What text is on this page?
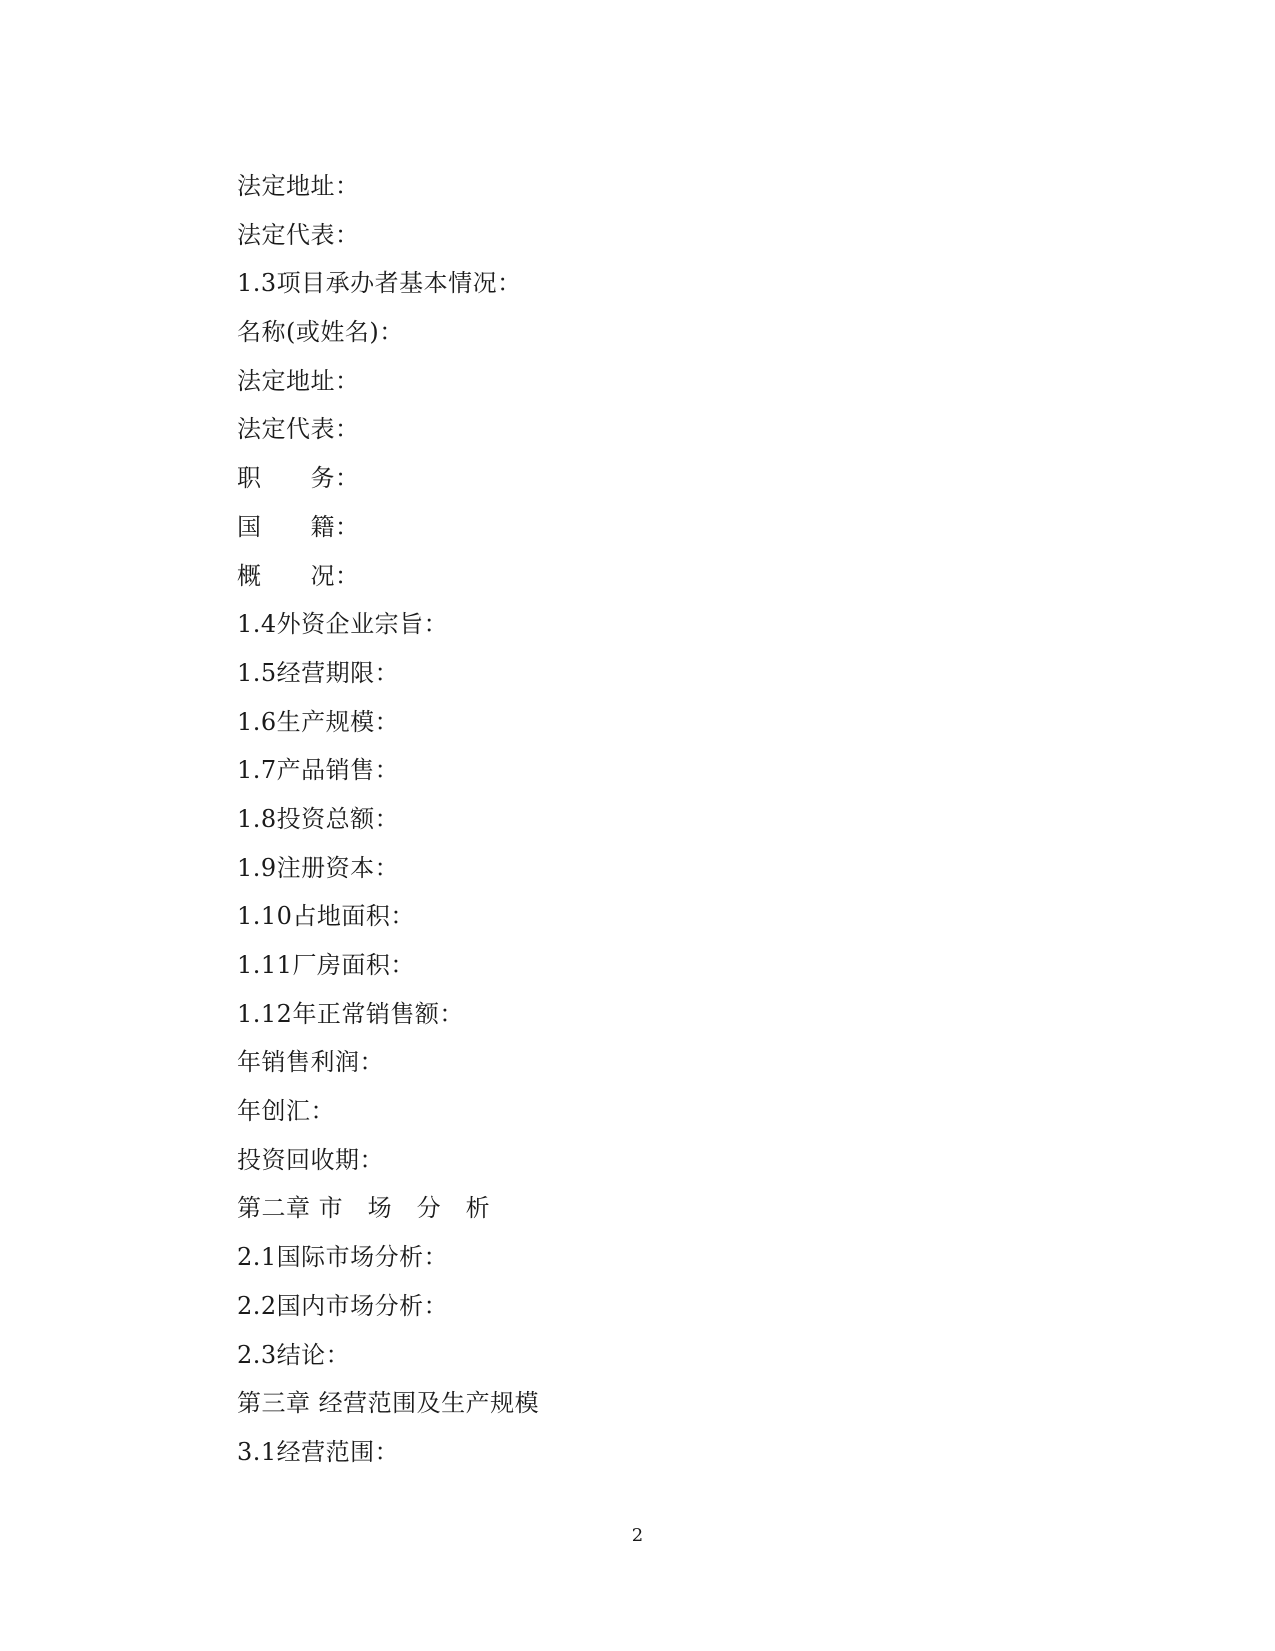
法定地址：
法定代表：
1.3项目承办者基本情况：
名称(或姓名)：
法定地址：
法定代表：
职　　务：
国　　籍：
概　　况：
1.4外资企业宗旨：
1.5经营期限：
1.6生产规模：
1.7产品销售：
1.8投资总额：
1.9注册资本：
1.10占地面积：
1.11厂房面积：
1.12年正常销售额：
年销售利润：
年创汇：
投资回收期：
第二章 市　场　分　析
2.1国际市场分析：
2.2国内市场分析：
2.3结论：
第三章 经营范围及生产规模
3.1经营范围：
2
